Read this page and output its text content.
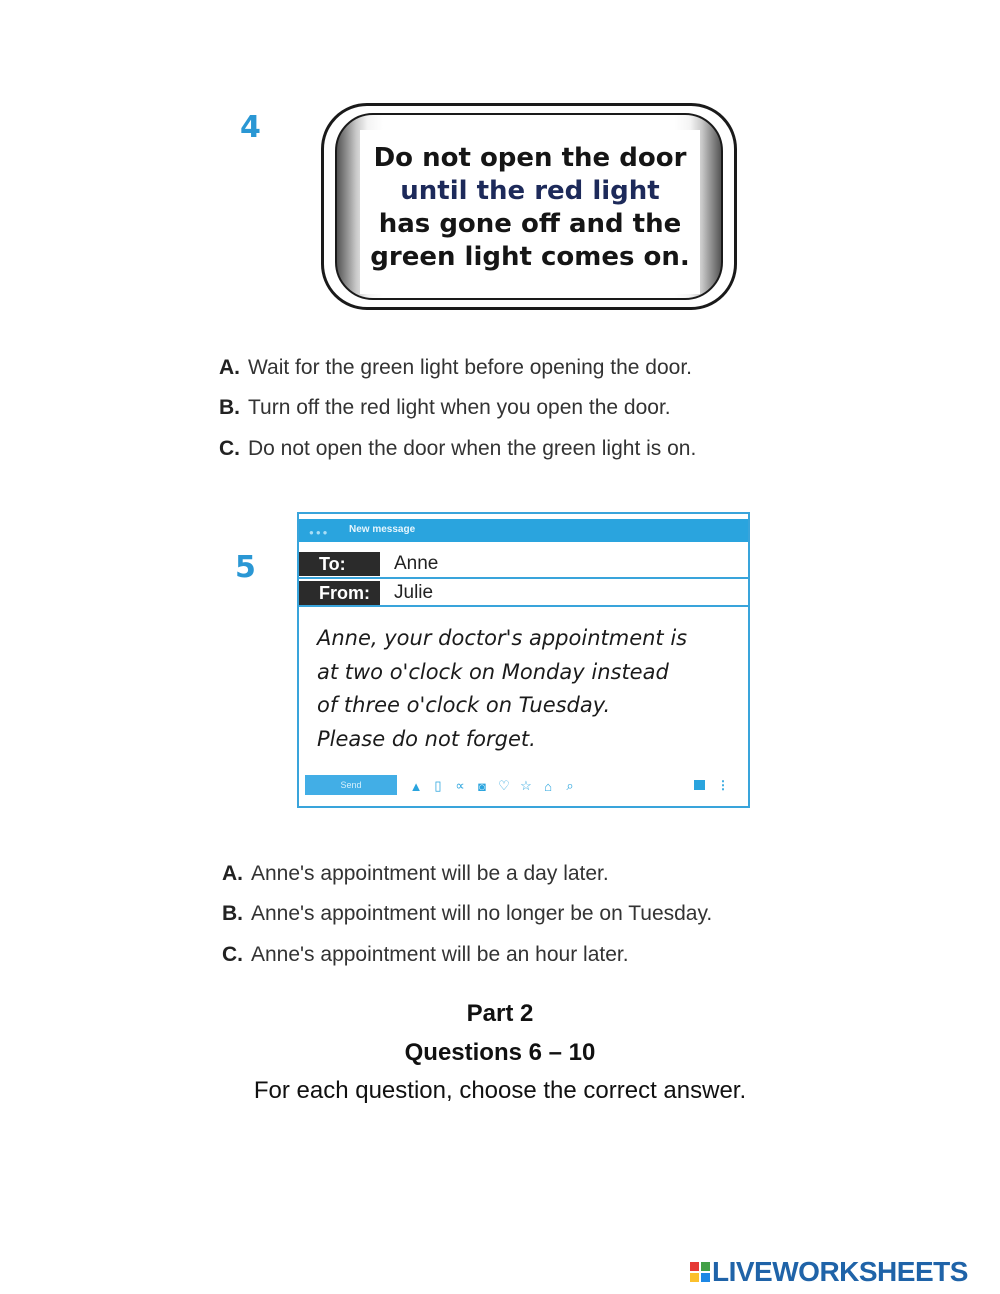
4
Do not open the door
until the red light
has gone off and the
green light comes on.
A. Wait for the green light before opening the door.
B. Turn off the red light when you open the door.
C. Do not open the door when the green light is on.
5
●●● New message
To:	Anne
From:	Julie
Anne, your doctor's appointment is
at two o'clock on Monday instead
of three o'clock on Tuesday.
Please do not forget.
Send	▲ ▯	∝	◙ ♡ ☆ ⌂	⌕	⋮
A. Anne's appointment will be a day later.
B. Anne's appointment will no longer be on Tuesday.
C. Anne's appointment will be an hour later.
Part 2
Questions 6 – 10
For each question, choose the correct answer.
LIVEWORKSHEETS
